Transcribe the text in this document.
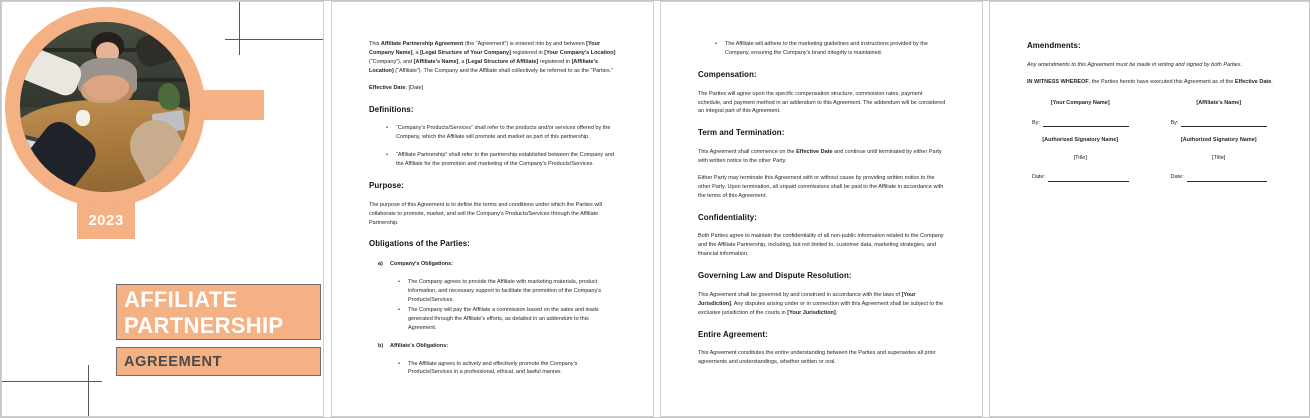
2023
AFFILIATE PARTNERSHIP
AGREEMENT

This Affiliate Partnership Agreement (the “Agreement”) is entered into by and between [Your Company Name], a [Legal Structure of Your Company] registered in [Your Company’s Location] (“Company”), and [Affiliate’s Name], a [Legal Structure of Affiliate] registered in [Affiliate’s Location] (“Affiliate”). The Company and the Affiliate shall collectively be referred to as the “Parties.”

Effective Date: [Date]

Definitions:
• “Company’s Products/Services” shall refer to the products and/or services offered by the Company, which the Affiliate will promote and market as part of this partnership.
• “Affiliate Partnership” shall refer to the partnership established between the Company and the Affiliate for the promotion and marketing of the Company’s Products/Services.
Purpose:

The purpose of this Agreement is to define the terms and conditions under which the Parties will collaborate to promote, market, and sell the Company’s Products/Services through the Affiliate Partnership.

Obligations of the Parties:
a) Company’s Obligations:
• The Company agrees to provide the Affiliate with marketing materials, product information, and necessary support to facilitate the promotion of the Company’s Products/Services.
• The Company will pay the Affiliate a commission based on the sales and leads generated through the Affiliate’s efforts, as detailed in an addendum to this Agreement.
b) Affiliate’s Obligations:
• The Affiliate agrees to actively and effectively promote the Company’s Products/Services in a professional, ethical, and lawful manner.
• The Affiliate will adhere to the marketing guidelines and instructions provided by the Company, ensuring the Company’s brand integrity is maintained.
Compensation:

The Parties will agree upon the specific compensation structure, commission rates, payment schedule, and payment method in an addendum to this Agreement. The addendum will be considered an integral part of this Agreement.

Term and Termination:

This Agreement shall commence on the Effective Date and continue until terminated by either Party with written notice to the other Party.

Either Party may terminate this Agreement with or without cause by providing written notice to the other Party. Upon termination, all unpaid commissions shall be paid to the Affiliate in accordance with the terms of this Agreement.

Confidentiality:

Both Parties agree to maintain the confidentiality of all non-public information related to the Company and the Affiliate Partnership, including, but not limited to, customer data, marketing strategies, and financial information.

Governing Law and Dispute Resolution:

This Agreement shall be governed by and construed in accordance with the laws of [Your Jurisdiction]. Any disputes arising under or in connection with this Agreement shall be subject to the exclusive jurisdiction of the courts in [Your Jurisdiction].

Entire Agreement:

This Agreement constitutes the entire understanding between the Parties and supersedes all prior agreements and understandings, whether written or oral.

Amendments:

Any amendments to this Agreement must be made in writing and signed by both Parties.

IN WITNESS WHEREOF, the Parties hereto have executed this Agreement as of the Effective Date.

[Your Company Name]
By:
[Authorized Signatory Name]
[Title]
Date:
[Affiliate’s Name]
By:
[Authorized Signatory Name]
[Title]
Date:
